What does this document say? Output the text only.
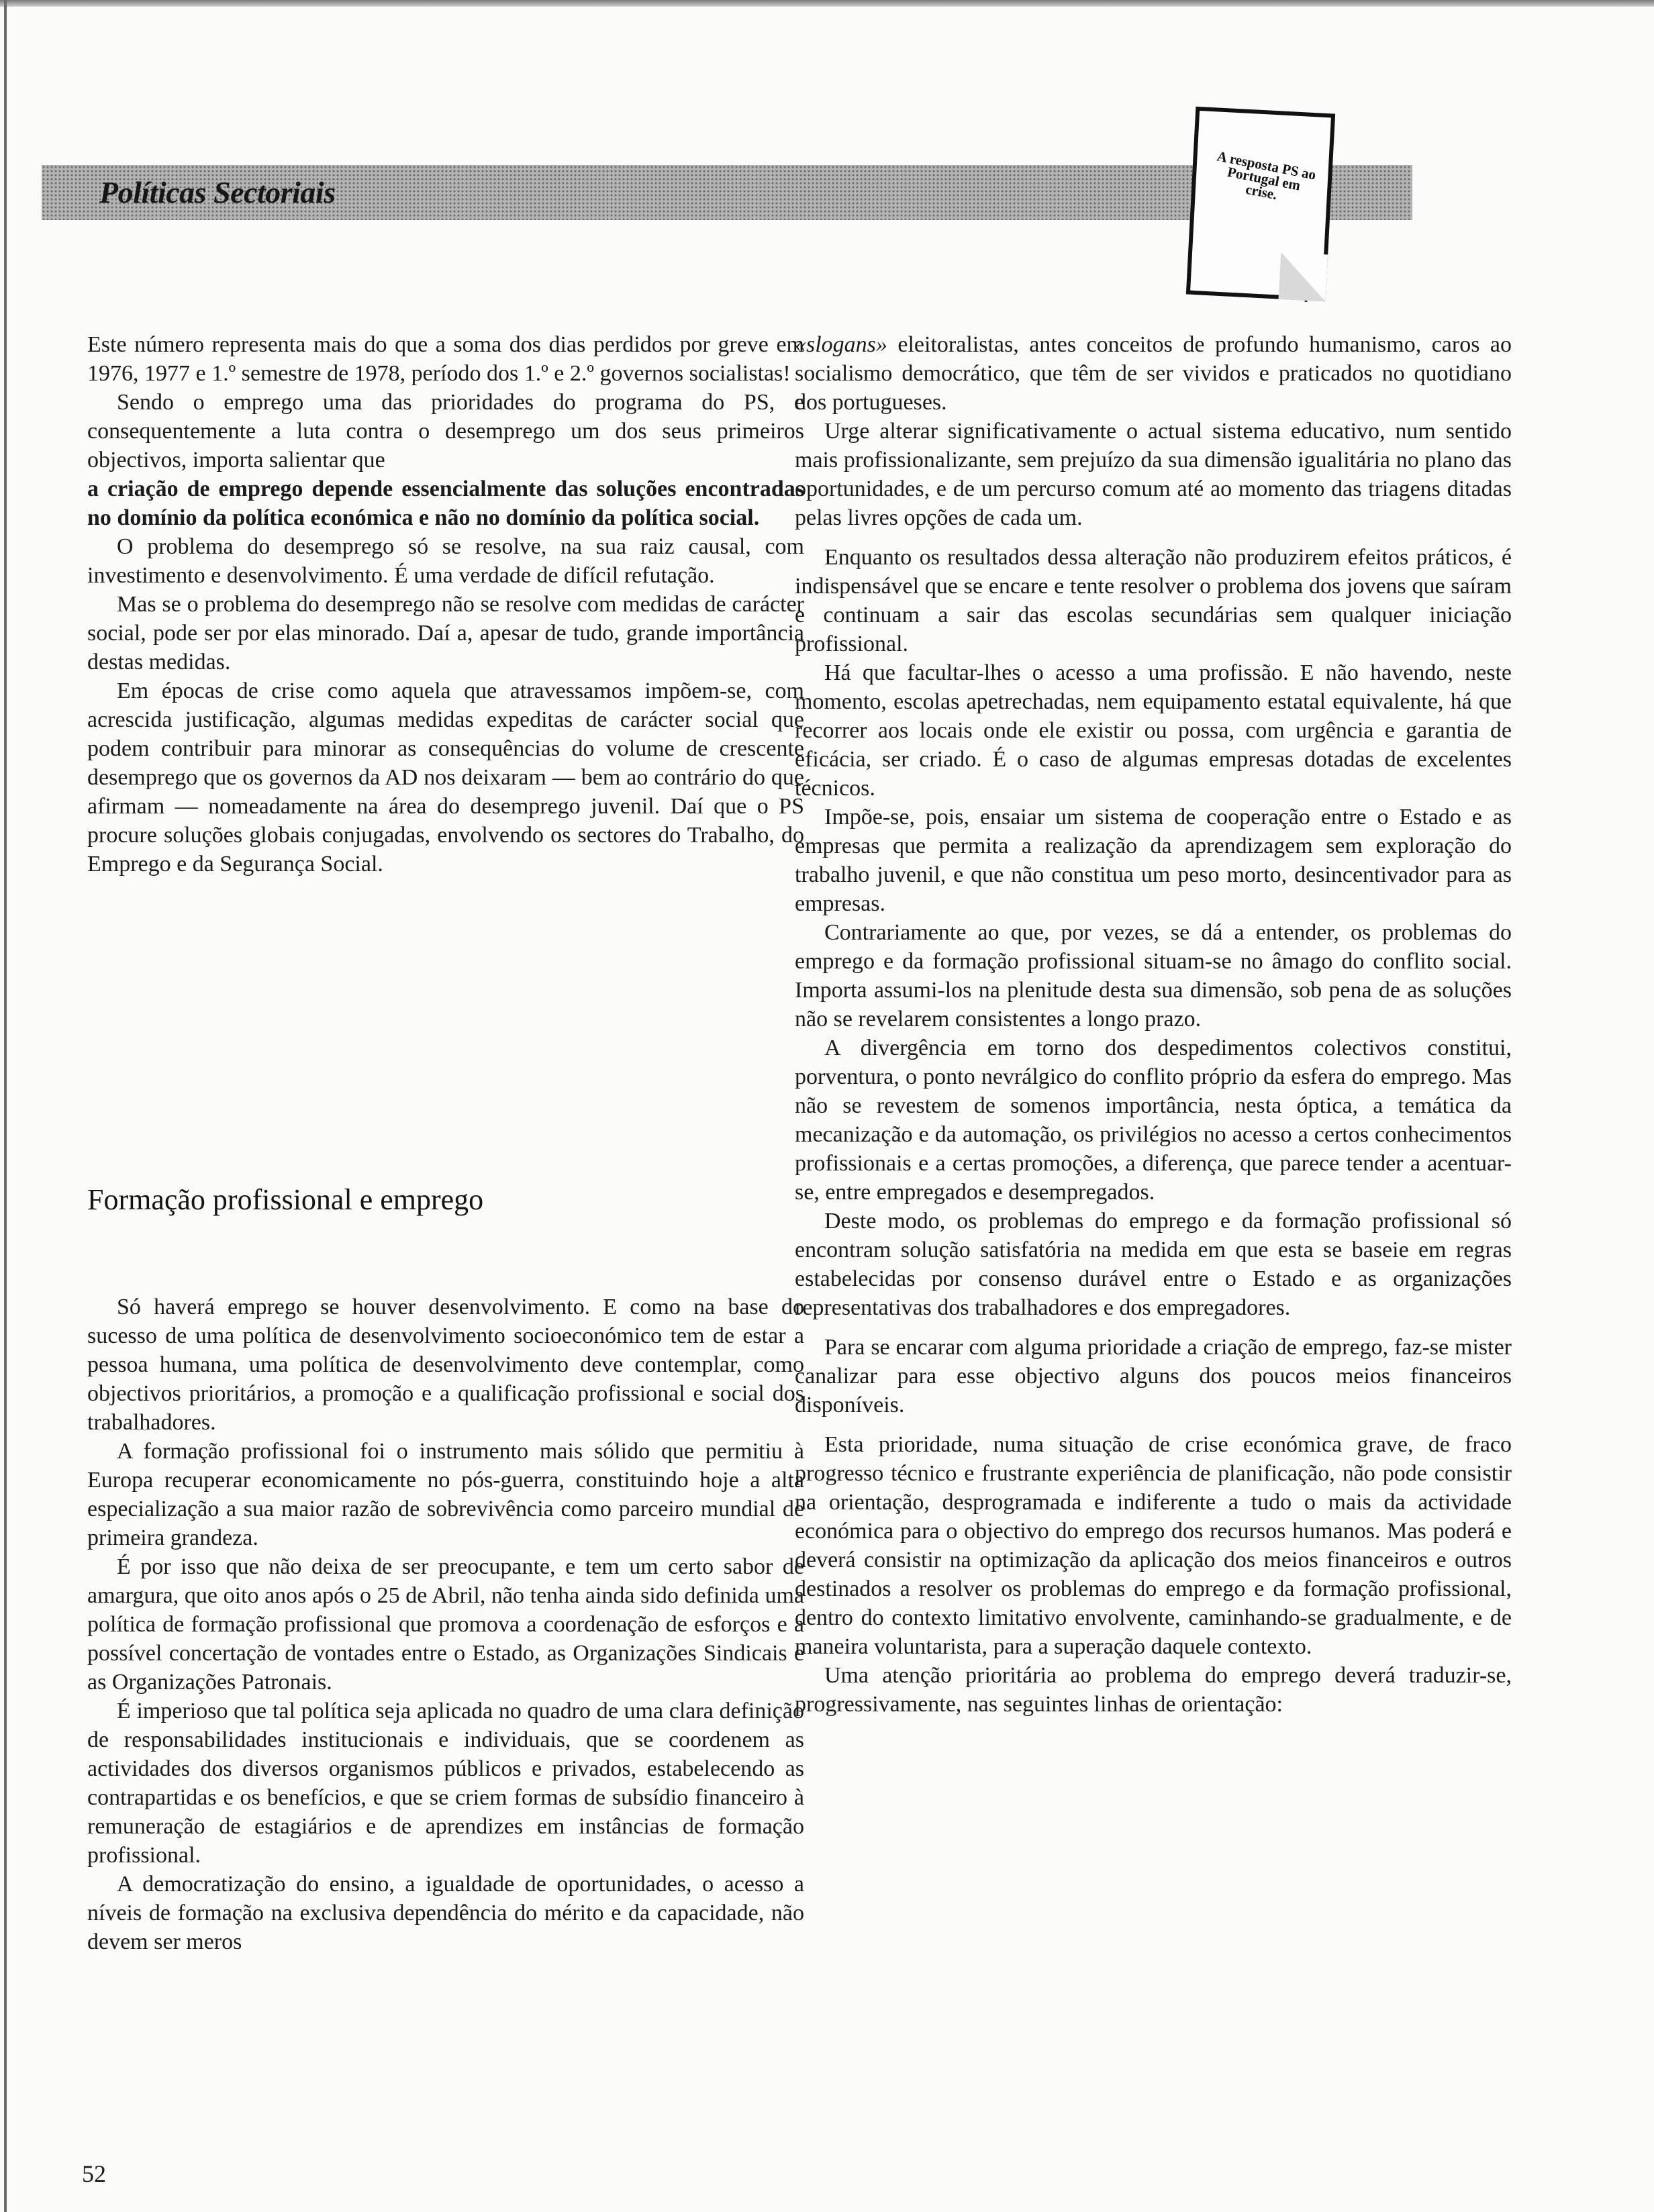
Políticas Sectoriais

A resposta PS ao Portugal em crise.

Este número representa mais do que a soma dos dias perdidos por greve em 1976, 1977 e 1.º semestre de 1978, período dos 1.º e 2.º governos socialistas!

Sendo o emprego uma das prioridades do programa do PS, e consequentemente a luta contra o desemprego um dos seus primeiros objectivos, importa salientar que

a criação de emprego depende essencialmente das soluções encontradas no domínio da política económica e não no domínio da política social.

O problema do desemprego só se resolve, na sua raiz causal, com investimento e desenvolvimento. É uma verdade de difícil refutação.

Mas se o problema do desemprego não se resolve com medidas de carácter social, pode ser por elas minorado. Daí a, apesar de tudo, grande importância destas medidas.

Em épocas de crise como aquela que atravessamos impõem-se, com acrescida justificação, algumas medidas expeditas de carácter social que podem contribuir para minorar as consequências do volume de crescente desemprego que os governos da AD nos deixaram — bem ao contrário do que afirmam — nomeadamente na área do desemprego juvenil. Daí que o PS procure soluções globais conjugadas, envolvendo os sectores do Trabalho, do Emprego e da Segurança Social.

Formação profissional e emprego

Só haverá emprego se houver desenvolvimento. E como na base do sucesso de uma política de desenvolvimento socioeconómico tem de estar a pessoa humana, uma política de desenvolvimento deve contemplar, como objectivos prioritários, a promoção e a qualificação profissional e social dos trabalhadores.

A formação profissional foi o instrumento mais sólido que permitiu à Europa recuperar economicamente no pós-guerra, constituindo hoje a alta especialização a sua maior razão de sobrevivência como parceiro mundial de primeira grandeza.

É por isso que não deixa de ser preocupante, e tem um certo sabor de amargura, que oito anos após o 25 de Abril, não tenha ainda sido definida uma política de formação profissional que promova a coordenação de esforços e a possível concertação de vontades entre o Estado, as Organizações Sindicais e as Organizações Patronais.

É imperioso que tal política seja aplicada no quadro de uma clara definição de responsabilidades institucionais e individuais, que se coordenem as actividades dos diversos organismos públicos e privados, estabelecendo as contrapartidas e os benefícios, e que se criem formas de subsídio financeiro à remuneração de estagiários e de aprendizes em instâncias de formação profissional.

A democratização do ensino, a igualdade de oportunidades, o acesso a níveis de formação na exclusiva dependência do mérito e da capacidade, não devem ser meros

«slogans» eleitoralistas, antes conceitos de profundo humanismo, caros ao socialismo democrático, que têm de ser vividos e praticados no quotidiano dos portugueses.

Urge alterar significativamente o actual sistema educativo, num sentido mais profissionalizante, sem prejuízo da sua dimensão igualitária no plano das oportunidades, e de um percurso comum até ao momento das triagens ditadas pelas livres opções de cada um.

Enquanto os resultados dessa alteração não produzirem efeitos práticos, é indispensável que se encare e tente resolver o problema dos jovens que saíram e continuam a sair das escolas secundárias sem qualquer iniciação profissional.

Há que facultar-lhes o acesso a uma profissão. E não havendo, neste momento, escolas apetrechadas, nem equipamento estatal equivalente, há que recorrer aos locais onde ele existir ou possa, com urgência e garantia de eficácia, ser criado. É o caso de algumas empresas dotadas de excelentes técnicos.

Impõe-se, pois, ensaiar um sistema de cooperação entre o Estado e as empresas que permita a realização da aprendizagem sem exploração do trabalho juvenil, e que não constitua um peso morto, desincentivador para as empresas.

Contrariamente ao que, por vezes, se dá a entender, os problemas do emprego e da formação profissional situam-se no âmago do conflito social. Importa assumi-los na plenitude desta sua dimensão, sob pena de as soluções não se revelarem consistentes a longo prazo.

A divergência em torno dos despedimentos colectivos constitui, porventura, o ponto nevrálgico do conflito próprio da esfera do emprego. Mas não se revestem de somenos importância, nesta óptica, a temática da mecanização e da automação, os privilégios no acesso a certos conhecimentos profissionais e a certas promoções, a diferença, que parece tender a acentuar-se, entre empregados e desempregados.

Deste modo, os problemas do emprego e da formação profissional só encontram solução satisfatória na medida em que esta se baseie em regras estabelecidas por consenso durável entre o Estado e as organizações representativas dos trabalhadores e dos empregadores.

Para se encarar com alguma prioridade a criação de emprego, faz-se mister canalizar para esse objectivo alguns dos poucos meios financeiros disponíveis.

Esta prioridade, numa situação de crise económica grave, de fraco progresso técnico e frustrante experiência de planificação, não pode consistir na orientação, desprogramada e indiferente a tudo o mais da actividade económica para o objectivo do emprego dos recursos humanos. Mas poderá e deverá consistir na optimização da aplicação dos meios financeiros e outros destinados a resolver os problemas do emprego e da formação profissional, dentro do contexto limitativo envolvente, caminhando-se gradualmente, e de maneira voluntarista, para a superação daquele contexto.

Uma atenção prioritária ao problema do emprego deverá traduzir-se, progressivamente, nas seguintes linhas de orientação:

52
